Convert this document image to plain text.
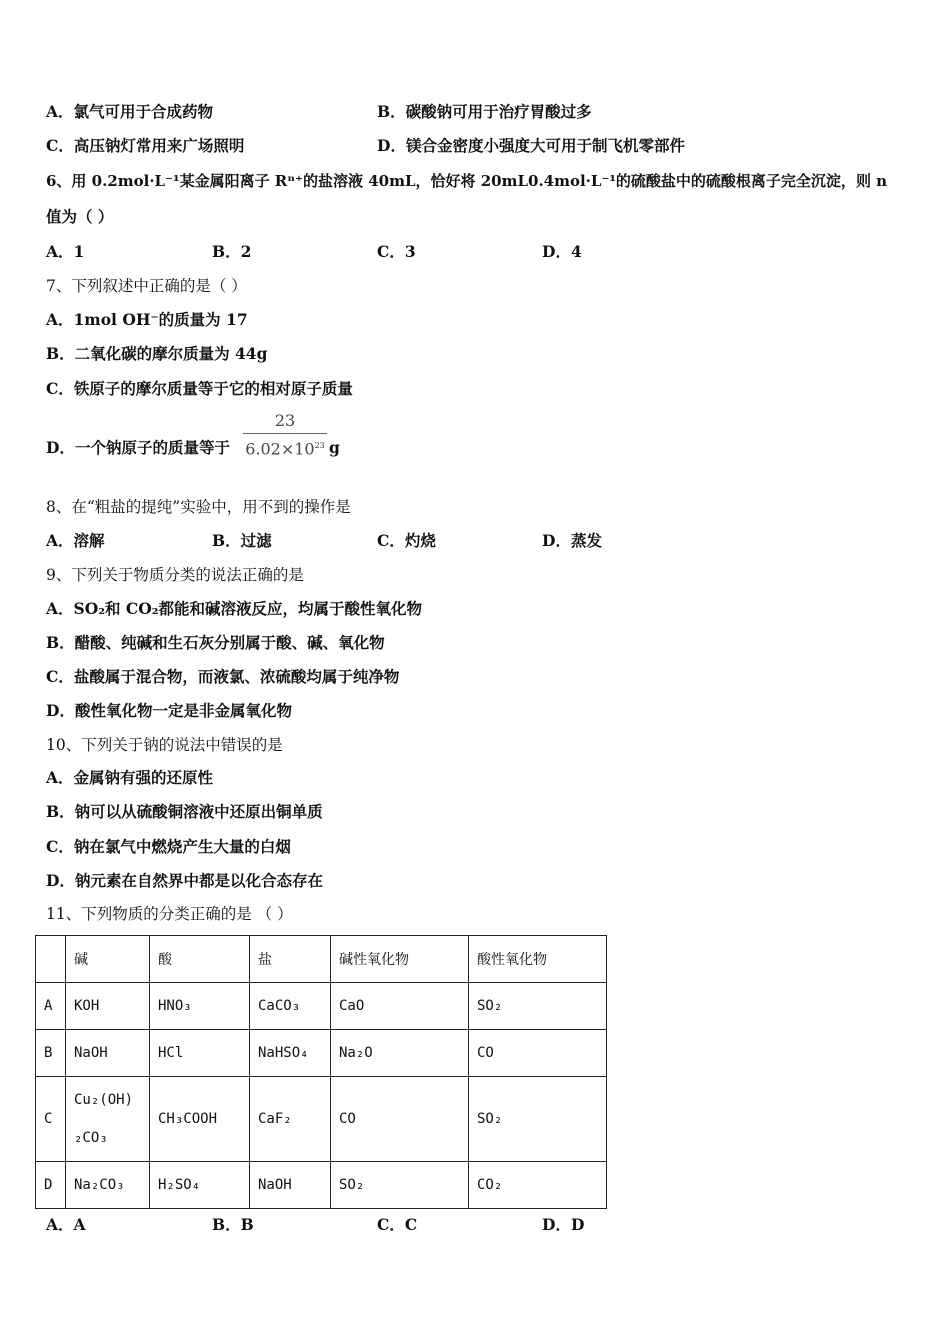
A．氯气可用于合成药物	B．碳酸钠可用于治疗胃酸过多
C．高压钠灯常用来广场照明	D．镁合金密度小强度大可用于制飞机零部件
6、用 0.2mol·L⁻¹某金属阳离子 Rⁿ⁺的盐溶液 40mL，恰好将 20mL0.4mol·L⁻¹的硫酸盐中的硫酸根离子完全沉淀，则 n
值为（ ）
A．1	B．2	C．3	D．4
7、下列叙述中正确的是（ ）
A．1mol OH⁻的质量为 17
B．二氧化碳的摩尔质量为 44g
C．铁原子的摩尔质量等于它的相对原子质量
D．一个钠原子的质量等于
23
$6.02\times 10^{23}$ g
8、在“粗盐的提纯”实验中，用不到的操作是
A．溶解	B．过滤	C．灼烧	D．蒸发
9、下列关于物质分类的说法正确的是
A．SO₂和 CO₂都能和碱溶液反应，均属于酸性氧化物
B．醋酸、纯碱和生石灰分别属于酸、碱、氧化物
C．盐酸属于混合物，而液氯、浓硫酸均属于纯净物
D．酸性氧化物一定是非金属氧化物
10、下列关于钠的说法中错误的是
A．金属钠有强的还原性
B．钠可以从硫酸铜溶液中还原出铜单质
C．钠在氯气中燃烧产生大量的白烟
D．钠元素在自然界中都是以化合态存在
11、下列物质的分类正确的是 （ ）
	碱	酸	盐	碱性氧化物	酸性氧化物
A	KOH	HNO₃	CaCO₃	CaO	SO₂
B	NaOH	HCl	NaHSO₄	Na₂O	CO
C	Cu₂(OH)₂CO₃	CH₃COOH	CaF₂	CO	SO₂
D	Na₂CO₃	H₂SO₄	NaOH	SO₂	CO₂
A．A	B．B	C．C	D．D
